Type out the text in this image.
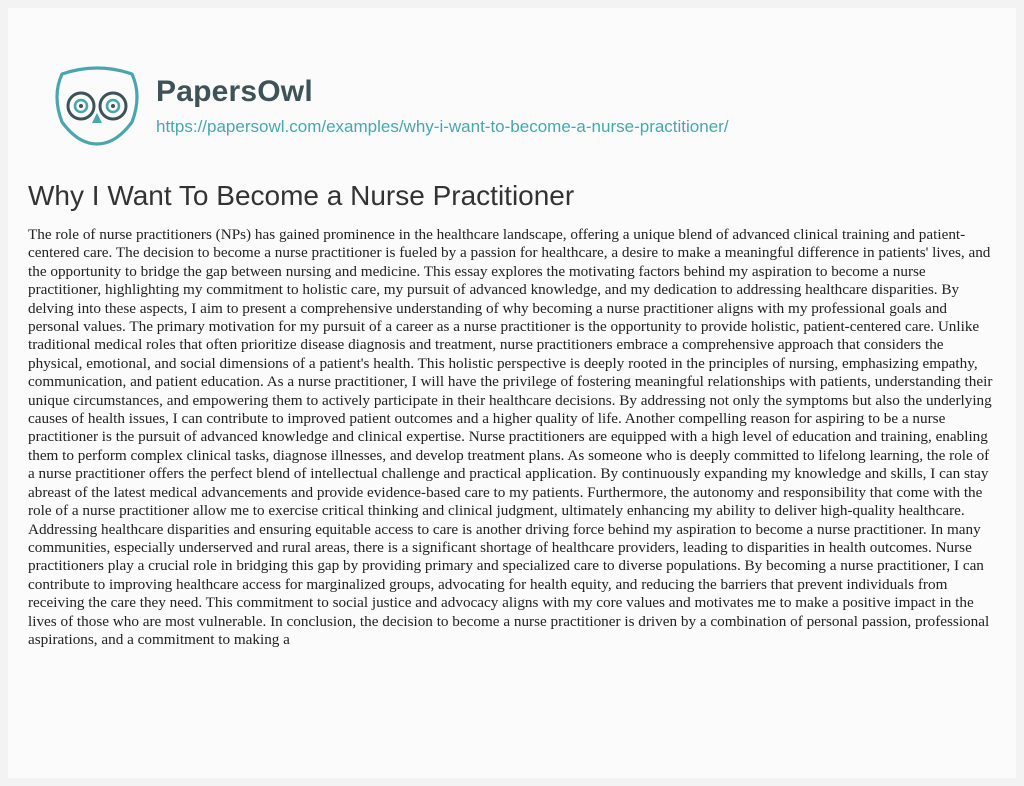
PapersOwl
https://papersowl.com/examples/why-i-want-to-become-a-nurse-practitioner/
Why I Want To Become a Nurse Practitioner

The role of nurse practitioners (NPs) has gained prominence in the healthcare landscape, offering a unique blend of advanced clinical training and patient-centered care. The decision to become a nurse practitioner is fueled by a passion for healthcare, a desire to make a meaningful difference in patients' lives, and the opportunity to bridge the gap between nursing and medicine. This essay explores the motivating factors behind my aspiration to become a nurse practitioner, highlighting my commitment to holistic care, my pursuit of advanced knowledge, and my dedication to addressing healthcare disparities. By delving into these aspects, I aim to present a comprehensive understanding of why becoming a nurse practitioner aligns with my professional goals and personal values. The primary motivation for my pursuit of a career as a nurse practitioner is the opportunity to provide holistic, patient-centered care. Unlike traditional medical roles that often prioritize disease diagnosis and treatment, nurse practitioners embrace a comprehensive approach that considers the physical, emotional, and social dimensions of a patient's health. This holistic perspective is deeply rooted in the principles of nursing, emphasizing empathy, communication, and patient education. As a nurse practitioner, I will have the privilege of fostering meaningful relationships with patients, understanding their unique circumstances, and empowering them to actively participate in their healthcare decisions. By addressing not only the symptoms but also the underlying causes of health issues, I can contribute to improved patient outcomes and a higher quality of life. Another compelling reason for aspiring to be a nurse practitioner is the pursuit of advanced knowledge and clinical expertise. Nurse practitioners are equipped with a high level of education and training, enabling them to perform complex clinical tasks, diagnose illnesses, and develop treatment plans. As someone who is deeply committed to lifelong learning, the role of a nurse practitioner offers the perfect blend of intellectual challenge and practical application. By continuously expanding my knowledge and skills, I can stay abreast of the latest medical advancements and provide evidence-based care to my patients. Furthermore, the autonomy and responsibility that come with the role of a nurse practitioner allow me to exercise critical thinking and clinical judgment, ultimately enhancing my ability to deliver high-quality healthcare. Addressing healthcare disparities and ensuring equitable access to care is another driving force behind my aspiration to become a nurse practitioner. In many communities, especially underserved and rural areas, there is a significant shortage of healthcare providers, leading to disparities in health outcomes. Nurse practitioners play a crucial role in bridging this gap by providing primary and specialized care to diverse populations. By becoming a nurse practitioner, I can contribute to improving healthcare access for marginalized groups, advocating for health equity, and reducing the barriers that prevent individuals from receiving the care they need. This commitment to social justice and advocacy aligns with my core values and motivates me to make a positive impact in the lives of those who are most vulnerable. In conclusion, the decision to become a nurse practitioner is driven by a combination of personal passion, professional aspirations, and a commitment to making a
